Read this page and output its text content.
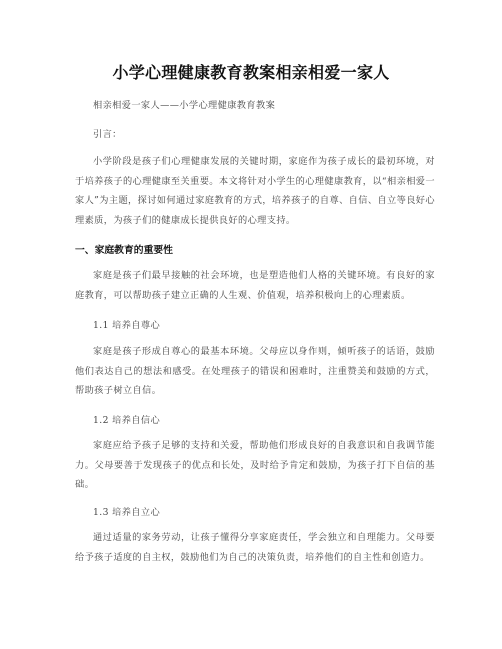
小学心理健康教育教案相亲相爱一家人

相亲相爱一家人——小学心理健康教育教案

引言：

小学阶段是孩子们心理健康发展的关键时期，家庭作为孩子成长的最初环境，对于培养孩子的心理健康至关重要。本文将针对小学生的心理健康教育，以“相亲相爱一家人”为主题，探讨如何通过家庭教育的方式，培养孩子的自尊、自信、自立等良好心理素质，为孩子们的健康成长提供良好的心理支持。

一、家庭教育的重要性

家庭是孩子们最早接触的社会环境，也是塑造他们人格的关键环境。有良好的家庭教育，可以帮助孩子建立正确的人生观、价值观，培养积极向上的心理素质。

1.1 培养自尊心

家庭是孩子形成自尊心的最基本环境。父母应以身作则，倾听孩子的话语，鼓励他们表达自己的想法和感受。在处理孩子的错误和困难时，注重赞美和鼓励的方式，帮助孩子树立自信。

1.2 培养自信心

家庭应给予孩子足够的支持和关爱，帮助他们形成良好的自我意识和自我调节能力。父母要善于发现孩子的优点和长处，及时给予肯定和鼓励，为孩子打下自信的基础。

1.3 培养自立心

通过适量的家务劳动，让孩子懂得分享家庭责任，学会独立和自理能力。父母要给予孩子适度的自主权，鼓励他们为自己的决策负责，培养他们的自主性和创造力。
